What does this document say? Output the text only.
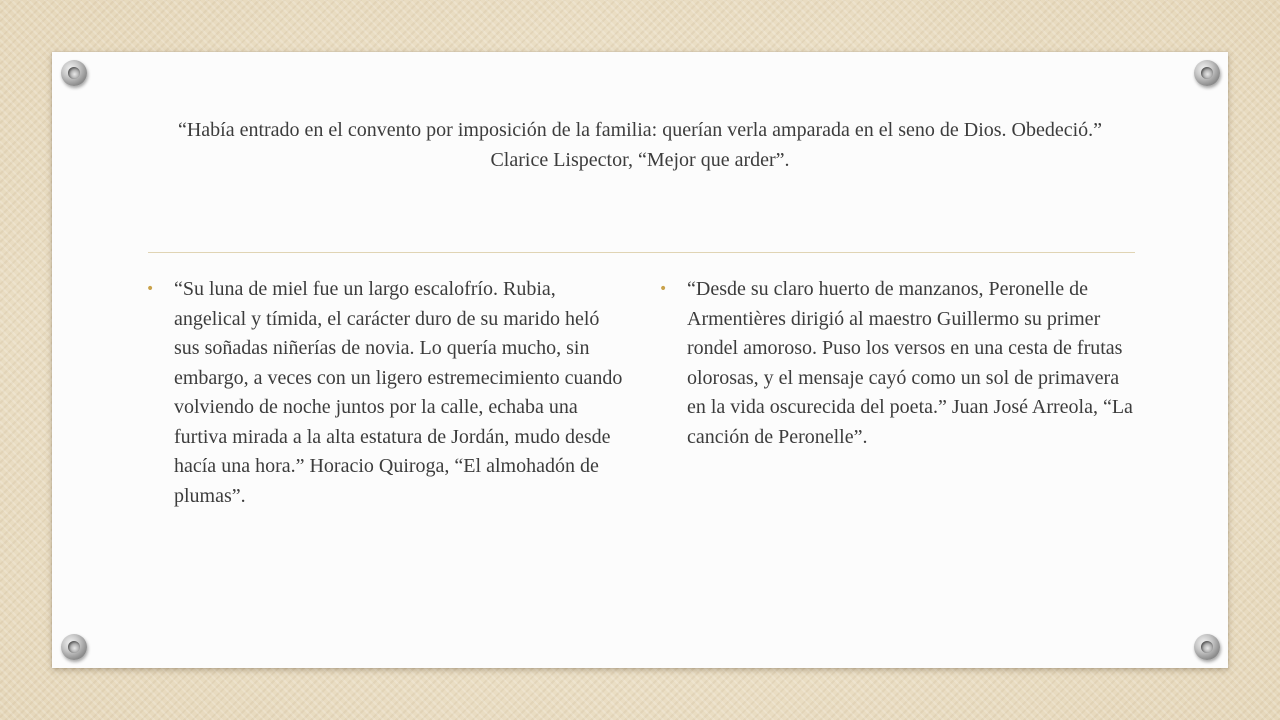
“Había entrado en el convento por imposición de la familia: querían verla amparada en el seno de Dios. Obedeció.” Clarice Lispector, “Mejor que arder”.

• “Su luna de miel fue un largo escalofrío. Rubia, angelical y tímida, el carácter duro de su marido heló sus soñadas niñerías de novia. Lo quería mucho, sin embargo, a veces con un ligero estremecimiento cuando volviendo de noche juntos por la calle, echaba una furtiva mirada a la alta estatura de Jordán, mudo desde hacía una hora.” Horacio Quiroga, “El almohadón de plumas”.
• “Desde su claro huerto de manzanos, Peronelle de Armentières dirigió al maestro Guillermo su primer rondel amoroso. Puso los versos en una cesta de frutas olorosas, y el mensaje cayó como un sol de primavera en la vida oscurecida del poeta.” Juan José Arreola, “La canción de Peronelle”.
